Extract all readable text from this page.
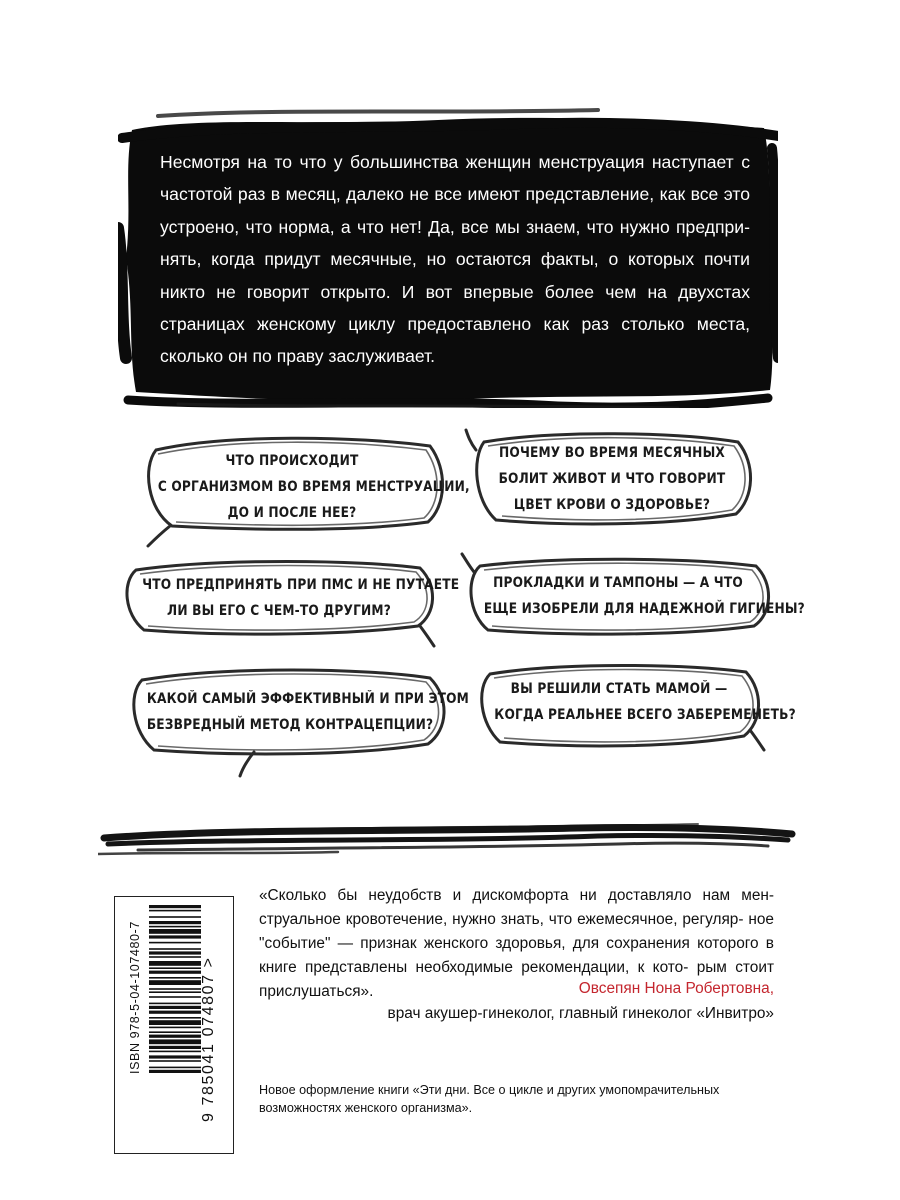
Несмотря на то что у большинства женщин менструация наступает с частотой раз в месяц, далеко не все имеют представление, как все это устроено, что норма, а что нет! Да, все мы знаем, что нужно предпри- нять, когда придут месячные, но остаются факты, о которых почти никто не говорит открыто. И вот впервые более чем на двухстах страницах женскому циклу предоставлено как раз столько места, сколько он по праву заслуживает.

ЧТО ПРОИСХОДИТ
С ОРГАНИЗМОМ ВО ВРЕМЯ МЕНСТРУАЦИИ,
ДО И ПОСЛЕ НЕЕ?
ПОЧЕМУ ВО ВРЕМЯ МЕСЯЧНЫХ
БОЛИТ ЖИВОТ И ЧТО ГОВОРИТ
ЦВЕТ КРОВИ О ЗДОРОВЬЕ?
ЧТО ПРЕДПРИНЯТЬ ПРИ ПМС И НЕ ПУТАЕТЕ
ЛИ ВЫ ЕГО С ЧЕМ-ТО ДРУГИМ?
ПРОКЛАДКИ И ТАМПОНЫ — А ЧТО
ЕЩЕ ИЗОБРЕЛИ ДЛЯ НАДЕЖНОЙ ГИГИЕНЫ?
КАКОЙ САМЫЙ ЭФФЕКТИВНЫЙ И ПРИ ЭТОМ
БЕЗВРЕДНЫЙ МЕТОД КОНТРАЦЕПЦИИ?
ВЫ РЕШИЛИ СТАТЬ МАМОЙ —
КОГДА РЕАЛЬНЕЕ ВСЕГО ЗАБЕРЕМЕНЕТЬ?
ISBN 978-5-04-107480-7	9 785041 074807 >

«Сколько бы неудобств и дискомфорта ни доставляло нам мен- струальное кровотечение, нужно знать, что ежемесячное, регуляр- ное "событие" — признак женского здоровья, для сохранения которого в книге представлены необходимые рекомендации, к кото- рым стоит прислушаться».	Овсепян Нона Робертовна,

врач акушер-гинеколог, главный гинеколог «Инвитро»

Новое оформление книги «Эти дни. Все о цикле и других умопомрачительных
возможностях женского организма».
